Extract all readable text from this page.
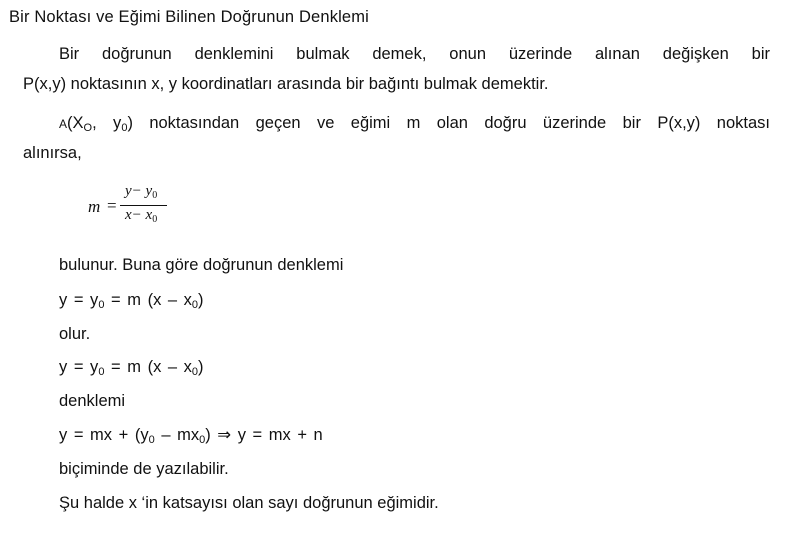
Bir Noktası ve Eğimi Bilinen Doğrunun Denklemi
Bir doğrunun denklemini bulmak demek, onun üzerinde alınan değişken bir
P(x,y) noktasının x, y koordinatları arasında bir bağıntı bulmak demektir.
$A(X_O$, $y_0$) noktasından geçen ve eğimi m olan doğru üzerinde bir P(x,y) noktası
alınırsa,
m =
$y- y_0$
$x- x_0$
bulunur. Buna göre doğrunun denklemi
$y = y_0 = m$ $(x - x_0)$
olur.
$y = y_0 = m$ $(x - x_0)$
denklemi
y = mx + $(y_0 - mx_0)$ ⇒ y = mx + n
biçiminde de yazılabilir.
Şu halde x ‘in katsayısı olan sayı doğrunun eğimidir.
